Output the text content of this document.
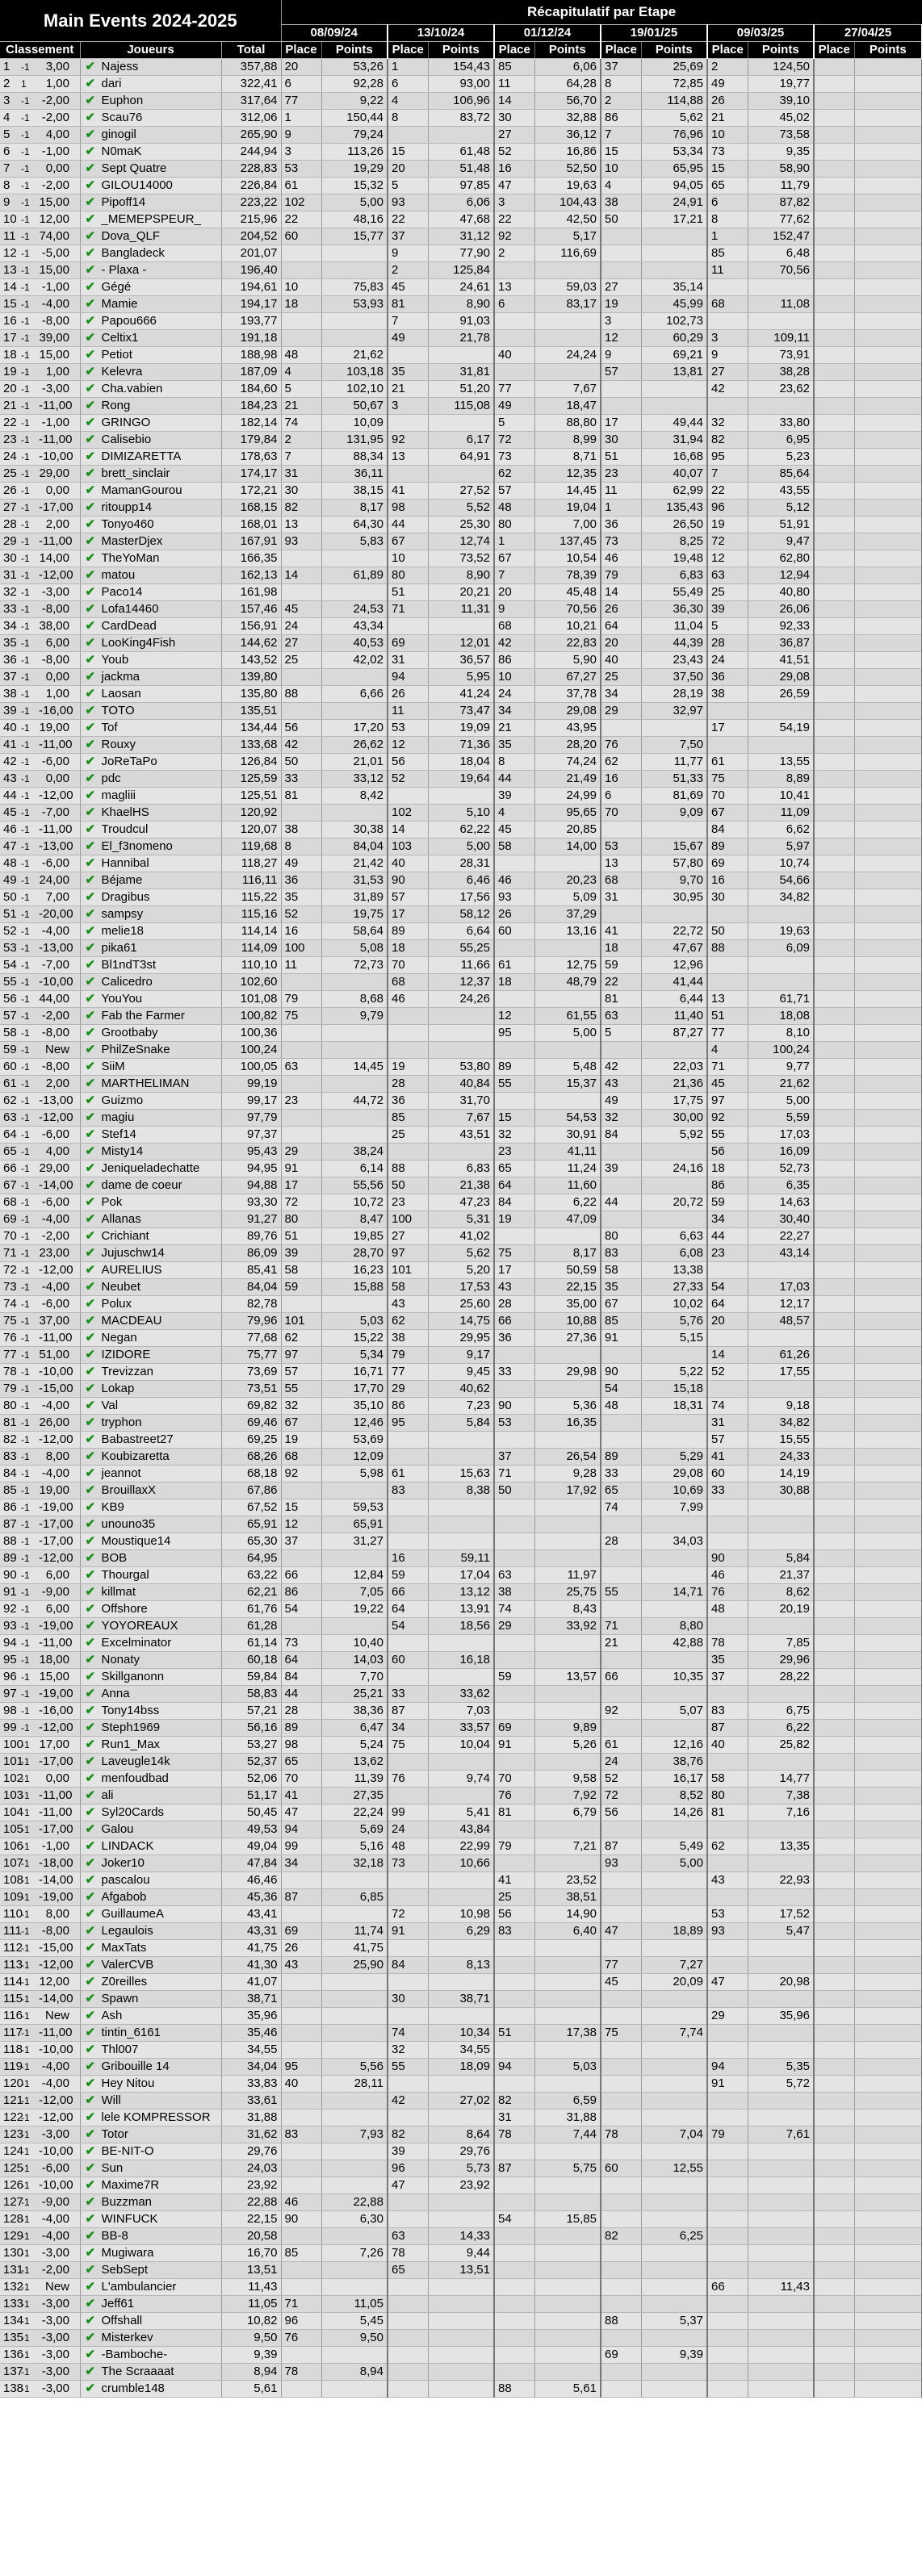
Main Events 2024-2025			Récapitulatif par Etape											
			08/09/24		13/10/24		01/12/24		19/01/25		09/03/25		27/04/25	
Classement	Joueurs	Total	Place	Points	Place	Points	Place	Points	Place	Points	Place	Points	Place	Points
1 -1 3,00	✔ Najess	357,88	20	53,26	1	154,43	85	6,06	37	25,69	2	124,50		
2 1 1,00	✔ dari	322,41	6	92,28	6	93,00	11	64,28	8	72,85	49	19,77		
3 -1 -2,00	✔ Euphon	317,64	77	9,22	4	106,96	14	56,70	2	114,88	26	39,10		
4 -1 -2,00	✔ Scau76	312,06	1	150,44	8	83,72	30	32,88	86	5,62	21	45,02		
5 -1 4,00	✔ ginogil	265,90	9	79,24			27	36,12	7	76,96	10	73,58		
6 -1 -1,00	✔ N0maK	244,94	3	113,26	15	61,48	52	16,86	15	53,34	73	9,35		
7 -1 0,00	✔ Sept Quatre	228,83	53	19,29	20	51,48	16	52,50	10	65,95	15	58,90		
8 -1 -2,00	✔ GILOU14000	226,84	61	15,32	5	97,85	47	19,63	4	94,05	65	11,79		
9 -1 15,00	✔ Pipoff14	223,22	102	5,00	93	6,06	3	104,43	38	24,91	6	87,82		
10 -1 12,00	✔ _MEMEPSPEUR_	215,96	22	48,16	22	47,68	22	42,50	50	17,21	8	77,62		
11 -1 74,00	✔ Dova_QLF	204,52	60	15,77	37	31,12	92	5,17			1	152,47		
12 -1 -5,00	✔ Bangladeck	201,07			9	77,90	2	116,69			85	6,48		
13 -1 15,00	✔ - Plaxa -	196,40			2	125,84					11	70,56		
14 -1 -1,00	✔ Gégé	194,61	10	75,83	45	24,61	13	59,03	27	35,14				
15 -1 -4,00	✔ Mamie	194,17	18	53,93	81	8,90	6	83,17	19	45,99	68	11,08		
16 -1 -8,00	✔ Papou666	193,77			7	91,03			3	102,73				
17 -1 39,00	✔ Celtix1	191,18			49	21,78			12	60,29	3	109,11		
18 -1 15,00	✔ Petiot	188,98	48	21,62			40	24,24	9	69,21	9	73,91		
19 -1 1,00	✔ Kelevra	187,09	4	103,18	35	31,81			57	13,81	27	38,28		
20 -1 -3,00	✔ Cha.vabien	184,60	5	102,10	21	51,20	77	7,67			42	23,62		
21 -1 -11,00	✔ Rong	184,23	21	50,67	3	115,08	49	18,47						
22 -1 -1,00	✔ GRINGO	182,14	74	10,09			5	88,80	17	49,44	32	33,80		
23 -1 -11,00	✔ Calisebio	179,84	2	131,95	92	6,17	72	8,99	30	31,94	82	6,95		
24 -1 -10,00	✔ DIMIZARETTA	178,63	7	88,34	13	64,91	73	8,71	51	16,68	95	5,23		
25 -1 29,00	✔ brett_sinclair	174,17	31	36,11			62	12,35	23	40,07	7	85,64		
26 -1 0,00	✔ MamanGourou	172,21	30	38,15	41	27,52	57	14,45	11	62,99	22	43,55		
27 -1 -17,00	✔ ritoupp14	168,15	82	8,17	98	5,52	48	19,04	1	135,43	96	5,12		
28 -1 2,00	✔ Tonyo460	168,01	13	64,30	44	25,30	80	7,00	36	26,50	19	51,91		
29 -1 -11,00	✔ MasterDjex	167,91	93	5,83	67	12,74	1	137,45	73	8,25	72	9,47		
30 -1 14,00	✔ TheYoMan	166,35			10	73,52	67	10,54	46	19,48	12	62,80		
31 -1 -12,00	✔ matou	162,13	14	61,89	80	8,90	7	78,39	79	6,83	63	12,94		
32 -1 -3,00	✔ Paco14	161,98			51	20,21	20	45,48	14	55,49	25	40,80		
33 -1 -8,00	✔ Lofa14460	157,46	45	24,53	71	11,31	9	70,56	26	36,30	39	26,06		
34 -1 38,00	✔ CardDead	156,91	24	43,34			68	10,21	64	11,04	5	92,33		
35 -1 6,00	✔ LooKing4Fish	144,62	27	40,53	69	12,01	42	22,83	20	44,39	28	36,87		
36 -1 -8,00	✔ Youb	143,52	25	42,02	31	36,57	86	5,90	40	23,43	24	41,51		
37 -1 0,00	✔ jackma	139,80			94	5,95	10	67,27	25	37,50	36	29,08		
38 -1 1,00	✔ Laosan	135,80	88	6,66	26	41,24	24	37,78	34	28,19	38	26,59		
39 -1 -16,00	✔ TOTO	135,51			11	73,47	34	29,08	29	32,97				
40 -1 19,00	✔ Tof	134,44	56	17,20	53	19,09	21	43,95			17	54,19		
41 -1 -11,00	✔ Rouxy	133,68	42	26,62	12	71,36	35	28,20	76	7,50				
42 -1 -6,00	✔ JoReTaPo	126,84	50	21,01	56	18,04	8	74,24	62	11,77	61	13,55		
43 -1 0,00	✔ pdc	125,59	33	33,12	52	19,64	44	21,49	16	51,33	75	8,89		
44 -1 -12,00	✔ magliii	125,51	81	8,42			39	24,99	6	81,69	70	10,41		
45 -1 -7,00	✔ KhaelHS	120,92			102	5,10	4	95,65	70	9,09	67	11,09		
46 -1 -11,00	✔ Troudcul	120,07	38	30,38	14	62,22	45	20,85			84	6,62		
47 -1 -13,00	✔ El_f3nomeno	119,68	8	84,04	103	5,00	58	14,00	53	15,67	89	5,97		
48 -1 -6,00	✔ Hannibal	118,27	49	21,42	40	28,31			13	57,80	69	10,74		
49 -1 24,00	✔ Béjame	116,11	36	31,53	90	6,46	46	20,23	68	9,70	16	54,66		
50 -1 7,00	✔ Dragibus	115,22	35	31,89	57	17,56	93	5,09	31	30,95	30	34,82		
51 -1 -20,00	✔ sampsy	115,16	52	19,75	17	58,12	26	37,29						
52 -1 -4,00	✔ melie18	114,14	16	58,64	89	6,64	60	13,16	41	22,72	50	19,63		
53 -1 -13,00	✔ pika61	114,09	100	5,08	18	55,25			18	47,67	88	6,09		
54 -1 -7,00	✔ Bl1ndT3st	110,10	11	72,73	70	11,66	61	12,75	59	12,96				
55 -1 -10,00	✔ Calicedro	102,60			68	12,37	18	48,79	22	41,44				
56 -1 44,00	✔ YouYou	101,08	79	8,68	46	24,26			81	6,44	13	61,71		
57 -1 -2,00	✔ Fab the Farmer	100,82	75	9,79			12	61,55	63	11,40	51	18,08		
58 -1 -8,00	✔ Grootbaby	100,36					95	5,00	5	87,27	77	8,10		
59 -1 New	✔ PhilZeSnake	100,24									4	100,24		
60 -1 -8,00	✔ SiiM	100,05	63	14,45	19	53,80	89	5,48	42	22,03	71	9,77		
61 -1 2,00	✔ MARTHELIMAN	99,19			28	40,84	55	15,37	43	21,36	45	21,62		
62 -1 -13,00	✔ Guizmo	99,17	23	44,72	36	31,70			49	17,75	97	5,00		
63 -1 -12,00	✔ magiu	97,79			85	7,67	15	54,53	32	30,00	92	5,59		
64 -1 -6,00	✔ Stef14	97,37			25	43,51	32	30,91	84	5,92	55	17,03		
65 -1 4,00	✔ Misty14	95,43	29	38,24			23	41,11			56	16,09		
66 -1 29,00	✔ Jeniqueladechatte	94,95	91	6,14	88	6,83	65	11,24	39	24,16	18	52,73		
67 -1 -14,00	✔ dame de coeur	94,88	17	55,56	50	21,38	64	11,60			86	6,35		
68 -1 -6,00	✔ Pok	93,30	72	10,72	23	47,23	84	6,22	44	20,72	59	14,63		
69 -1 -4,00	✔ Allanas	91,27	80	8,47	100	5,31	19	47,09			34	30,40		
70 -1 -2,00	✔ Crichiant	89,76	51	19,85	27	41,02			80	6,63	44	22,27		
71 -1 23,00	✔ Jujuschw14	86,09	39	28,70	97	5,62	75	8,17	83	6,08	23	43,14		
72 -1 -12,00	✔ AURELIUS	85,41	58	16,23	101	5,20	17	50,59	58	13,38				
73 -1 -4,00	✔ Neubet	84,04	59	15,88	58	17,53	43	22,15	35	27,33	54	17,03		
74 -1 -6,00	✔ Polux	82,78			43	25,60	28	35,00	67	10,02	64	12,17		
75 -1 37,00	✔ MACDEAU	79,96	101	5,03	62	14,75	66	10,88	85	5,76	20	48,57		
76 -1 -11,00	✔ Negan	77,68	62	15,22	38	29,95	36	27,36	91	5,15				
77 -1 51,00	✔ IZIDORE	75,77	97	5,34	79	9,17					14	61,26		
78 -1 -10,00	✔ Trevizzan	73,69	57	16,71	77	9,45	33	29,98	90	5,22	52	17,55		
79 -1 -15,00	✔ Lokap	73,51	55	17,70	29	40,62			54	15,18				
80 -1 -4,00	✔ Val	69,82	32	35,10	86	7,23	90	5,36	48	18,31	74	9,18		
81 -1 26,00	✔ tryphon	69,46	67	12,46	95	5,84	53	16,35			31	34,82		
82 -1 -12,00	✔ Babastreet27	69,25	19	53,69							57	15,55		
83 -1 8,00	✔ Koubizaretta	68,26	68	12,09			37	26,54	89	5,29	41	24,33		
84 -1 -4,00	✔ jeannot	68,18	92	5,98	61	15,63	71	9,28	33	29,08	60	14,19		
85 -1 19,00	✔ BrouillaxX	67,86			83	8,38	50	17,92	65	10,69	33	30,88		
86 -1 -19,00	✔ KB9	67,52	15	59,53					74	7,99				
87 -1 -17,00	✔ unouno35	65,91	12	65,91										
88 -1 -17,00	✔ Moustique14	65,30	37	31,27					28	34,03				
89 -1 -12,00	✔ BOB	64,95			16	59,11					90	5,84		
90 -1 6,00	✔ Thourgal	63,22	66	12,84	59	17,04	63	11,97			46	21,37		
91 -1 -9,00	✔ killmat	62,21	86	7,05	66	13,12	38	25,75	55	14,71	76	8,62		
92 -1 6,00	✔ Offshore	61,76	54	19,22	64	13,91	74	8,43			48	20,19		
93 -1 -19,00	✔ YOYOREAUX	61,28			54	18,56	29	33,92	71	8,80				
94 -1 -11,00	✔ Excelminator	61,14	73	10,40					21	42,88	78	7,85		
95 -1 18,00	✔ Nonaty	60,18	64	14,03	60	16,18					35	29,96		
96 -1 15,00	✔ Skillganonn	59,84	84	7,70			59	13,57	66	10,35	37	28,22		
97 -1 -19,00	✔ Anna	58,83	44	25,21	33	33,62								
98 -1 -16,00	✔ Tony14bss	57,21	28	38,36	87	7,03			92	5,07	83	6,75		
99 -1 -12,00	✔ Steph1969	56,16	89	6,47	34	33,57	69	9,89			87	6,22		
100-1 17,00	✔ Run1_Max	53,27	98	5,24	75	10,04	91	5,26	61	12,16	40	25,82		
101-1 -17,00	✔ Laveugle14k	52,37	65	13,62					24	38,76				
102-1 0,00	✔ menfoudbad	52,06	70	11,39	76	9,74	70	9,58	52	16,17	58	14,77		
103-1 -11,00	✔ ali	51,17	41	27,35			76	7,92	72	8,52	80	7,38		
104-1 -11,00	✔ Syl20Cards	50,45	47	22,24	99	5,41	81	6,79	56	14,26	81	7,16		
105-1 -17,00	✔ Galou	49,53	94	5,69	24	43,84								
106-1 -1,00	✔ LINDACK	49,04	99	5,16	48	22,99	79	7,21	87	5,49	62	13,35		
107-1 -18,00	✔ Joker10	47,84	34	32,18	73	10,66			93	5,00				
108-1 -14,00	✔ pascalou	46,46					41	23,52			43	22,93		
109-1 -19,00	✔ Afgabob	45,36	87	6,85			25	38,51						
110-1 8,00	✔ GuillaumeA	43,41			72	10,98	56	14,90			53	17,52		
111-1 -8,00	✔ Legaulois	43,31	69	11,74	91	6,29	83	6,40	47	18,89	93	5,47		
112-1 -15,00	✔ MaxTats	41,75	26	41,75										
113-1 -12,00	✔ ValerCVB	41,30	43	25,90	84	8,13			77	7,27				
114-1 12,00	✔ Z0reilles	41,07							45	20,09	47	20,98		
115-1 -14,00	✔ Spawn	38,71			30	38,71								
116-1 New	✔ Ash	35,96									29	35,96		
117-1 -11,00	✔ tintin_6161	35,46			74	10,34	51	17,38	75	7,74				
118-1 -10,00	✔ Thl007	34,55			32	34,55								
119-1 -4,00	✔ Gribouille 14	34,04	95	5,56	55	18,09	94	5,03			94	5,35		
120-1 -4,00	✔ Hey Nitou	33,83	40	28,11							91	5,72		
121-1 -12,00	✔ Will	33,61			42	27,02	82	6,59						
122-1 -12,00	✔ lele KOMPRESSOR	31,88					31	31,88						
123-1 -3,00	✔ Totor	31,62	83	7,93	82	8,64	78	7,44	78	7,04	79	7,61		
124-1 -10,00	✔ BE-NIT-O	29,76			39	29,76								
125-1 -6,00	✔ Sun	24,03			96	5,73	87	5,75	60	12,55				
126-1 -10,00	✔ Maxime7R	23,92			47	23,92								
127-1 -9,00	✔ Buzzman	22,88	46	22,88										
128-1 -4,00	✔ WINFUCK	22,15	90	6,30			54	15,85						
129-1 -4,00	✔ BB-8	20,58			63	14,33			82	6,25				
130-1 -3,00	✔ Mugiwara	16,70	85	7,26	78	9,44								
131-1 -2,00	✔ SebSept	13,51			65	13,51								
132-1 New	✔ L'ambulancier	11,43									66	11,43		
133-1 -3,00	✔ Jeff61	11,05	71	11,05										
134-1 -3,00	✔ Offshall	10,82	96	5,45					88	5,37				
135-1 -3,00	✔ Misterkev	9,50	76	9,50										
136-1 -3,00	✔ -Bamboche-	9,39							69	9,39				
137-1 -3,00	✔ The Scraaaat	8,94	78	8,94										
138-1 -3,00	✔ crumble148	5,61					88	5,61						
